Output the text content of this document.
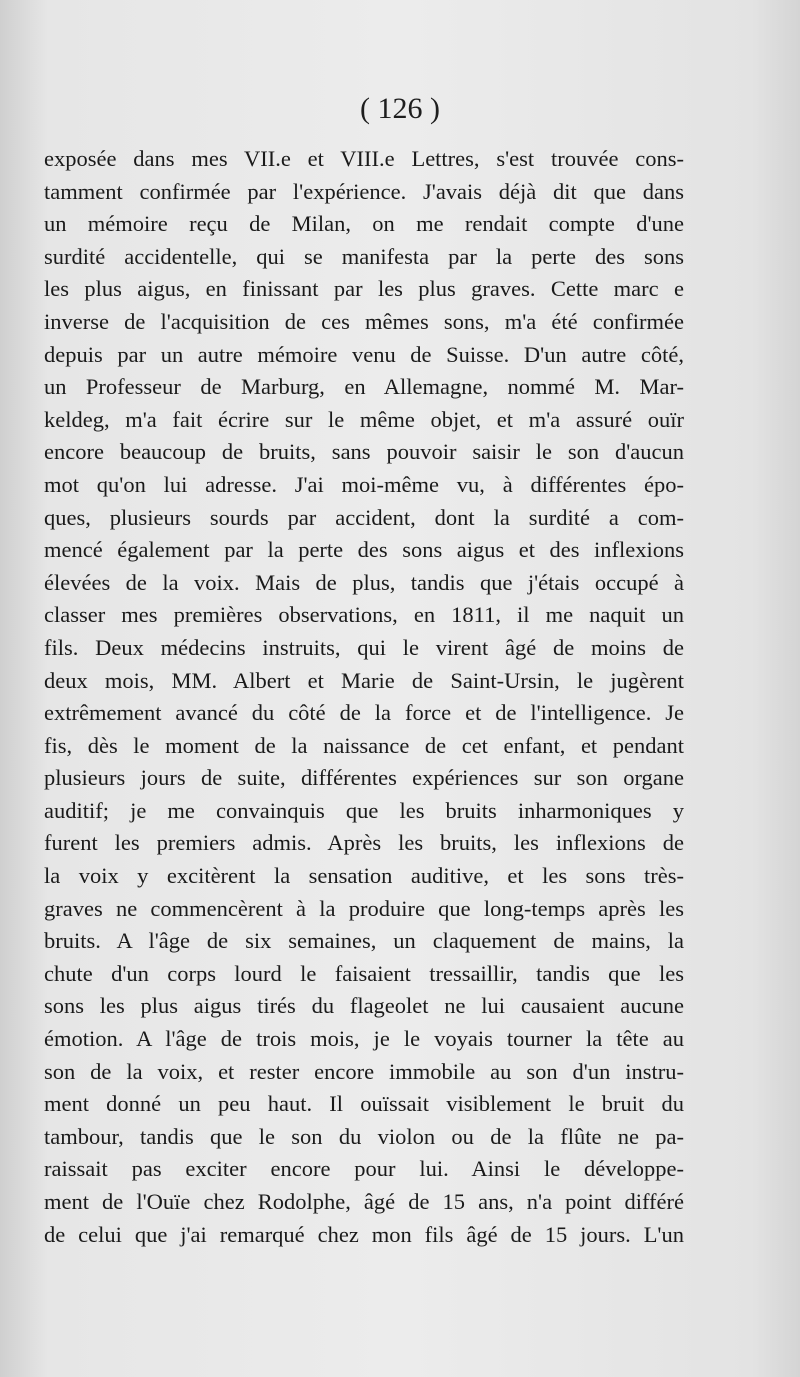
( 126 )
exposée dans mes VII.e et VIII.e Lettres, s'est trouvée cons-
tamment confirmée par l'expérience. J'avais déjà dit que dans
un mémoire reçu de Milan, on me rendait compte d'une
surdité accidentelle, qui se manifesta par la perte des sons
les plus aigus, en finissant par les plus graves. Cette marc e
inverse de l'acquisition de ces mêmes sons, m'a été confirmée
depuis par un autre mémoire venu de Suisse. D'un autre côté,
un Professeur de Marburg, en Allemagne, nommé M. Mar-
keldeg, m'a fait écrire sur le même objet, et m'a assuré ouïr
encore beaucoup de bruits, sans pouvoir saisir le son d'aucun
mot qu'on lui adresse. J'ai moi-même vu, à différentes épo-
ques, plusieurs sourds par accident, dont la surdité a com-
mencé également par la perte des sons aigus et des inflexions
élevées de la voix. Mais de plus, tandis que j'étais occupé à
classer mes premières observations, en 1811, il me naquit un
fils. Deux médecins instruits, qui le virent âgé de moins de
deux mois, MM. Albert et Marie de Saint-Ursin, le jugèrent
extrêmement avancé du côté de la force et de l'intelligence. Je
fis, dès le moment de la naissance de cet enfant, et pendant
plusieurs jours de suite, différentes expériences sur son organe
auditif; je me convainquis que les bruits inharmoniques y
furent les premiers admis. Après les bruits, les inflexions de
la voix y excitèrent la sensation auditive, et les sons très-
graves ne commencèrent à la produire que long-temps après les
bruits. A l'âge de six semaines, un claquement de mains, la
chute d'un corps lourd le faisaient tressaillir, tandis que les
sons les plus aigus tirés du flageolet ne lui causaient aucune
émotion. A l'âge de trois mois, je le voyais tourner la tête au
son de la voix, et rester encore immobile au son d'un instru-
ment donné un peu haut. Il ouïssait visiblement le bruit du
tambour, tandis que le son du violon ou de la flûte ne pa-
raissait pas exciter encore pour lui. Ainsi le développe-
ment de l'Ouïe chez Rodolphe, âgé de 15 ans, n'a point différé
de celui que j'ai remarqué chez mon fils âgé de 15 jours. L'un
